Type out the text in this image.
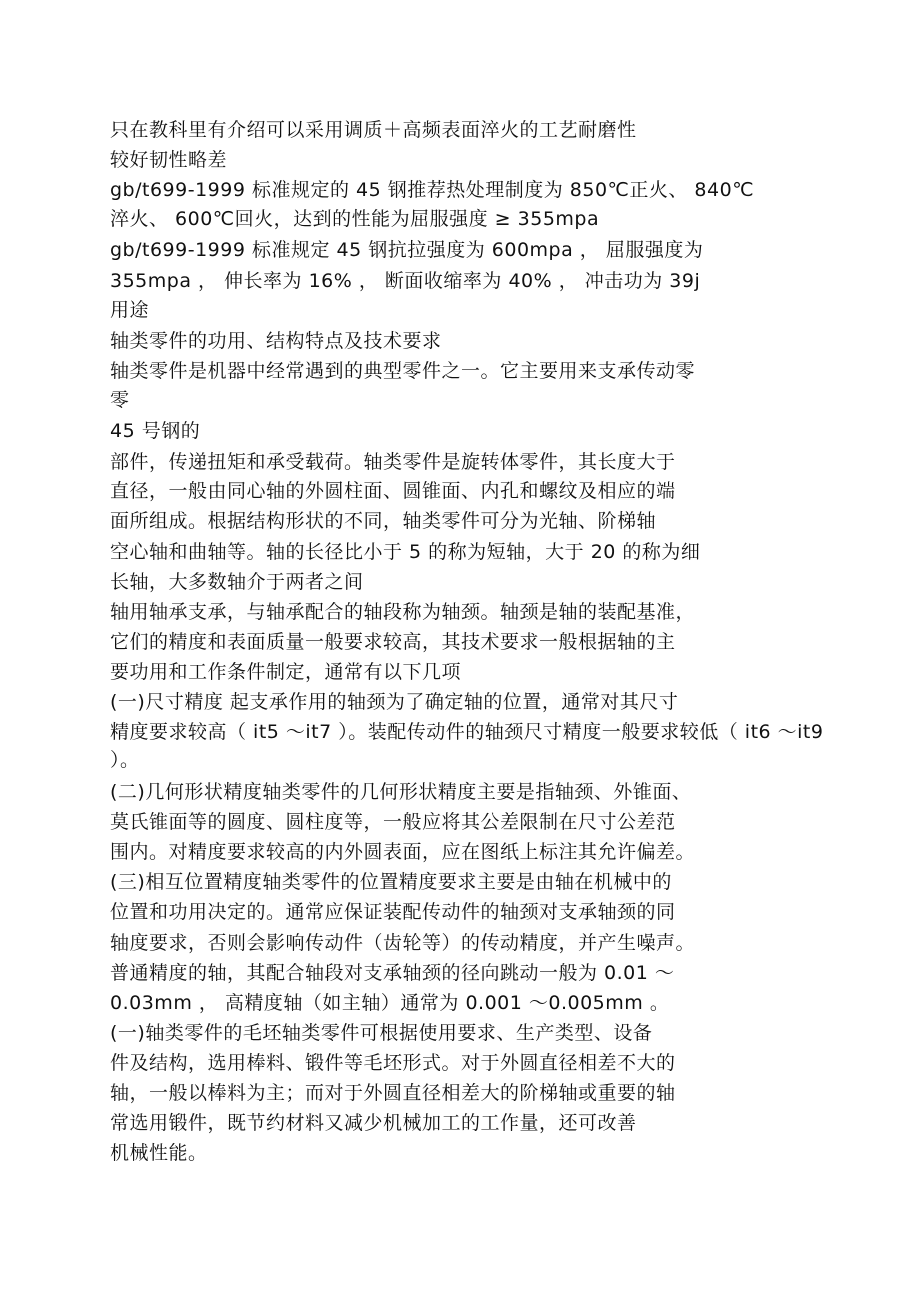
只在教科里有介绍可以采用调质＋高频表面淬火的工艺耐磨性

较好韧性略差

gb/t699-1999 标准规定的 45 钢推荐热处理制度为 850℃正火、 840℃

淬火、 600℃回火，达到的性能为屈服强度 ≥ 355mpa

gb/t699-1999 标准规定 45 钢抗拉强度为 600mpa ， 屈服强度为

355mpa ， 伸长率为 16% ， 断面收缩率为 40% ， 冲击功为 39j

用途

轴类零件的功用、结构特点及技术要求

轴类零件是机器中经常遇到的典型零件之一。它主要用来支承传动零

零

45 号钢的

部件，传递扭矩和承受载荷。轴类零件是旋转体零件，其长度大于

直径，一般由同心轴的外圆柱面、圆锥面、内孔和螺纹及相应的端

面所组成。根据结构形状的不同，轴类零件可分为光轴、阶梯轴

空心轴和曲轴等。轴的长径比小于 5 的称为短轴，大于 20 的称为细

长轴，大多数轴介于两者之间

轴用轴承支承，与轴承配合的轴段称为轴颈。轴颈是轴的装配基准，

它们的精度和表面质量一般要求较高，其技术要求一般根据轴的主

要功用和工作条件制定，通常有以下几项

(一)尺寸精度 起支承作用的轴颈为了确定轴的位置，通常对其尺寸

精度要求较高（ it5 ～it7 ）。装配传动件的轴颈尺寸精度一般要求较低（ it6 ～it9

）。

(二)几何形状精度轴类零件的几何形状精度主要是指轴颈、外锥面、

莫氏锥面等的圆度、圆柱度等，一般应将其公差限制在尺寸公差范

围内。对精度要求较高的内外圆表面，应在图纸上标注其允许偏差。

(三)相互位置精度轴类零件的位置精度要求主要是由轴在机械中的

位置和功用决定的。通常应保证装配传动件的轴颈对支承轴颈的同

轴度要求，否则会影响传动件（齿轮等）的传动精度，并产生噪声。

普通精度的轴，其配合轴段对支承轴颈的径向跳动一般为 0.01 ～

0.03mm ， 高精度轴（如主轴）通常为 0.001 ～0.005mm 。

(一)轴类零件的毛坯轴类零件可根据使用要求、生产类型、设备

件及结构，选用棒料、锻件等毛坯形式。对于外圆直径相差不大的

轴，一般以棒料为主；而对于外圆直径相差大的阶梯轴或重要的轴

常选用锻件，既节约材料又减少机械加工的工作量，还可改善

机械性能。
